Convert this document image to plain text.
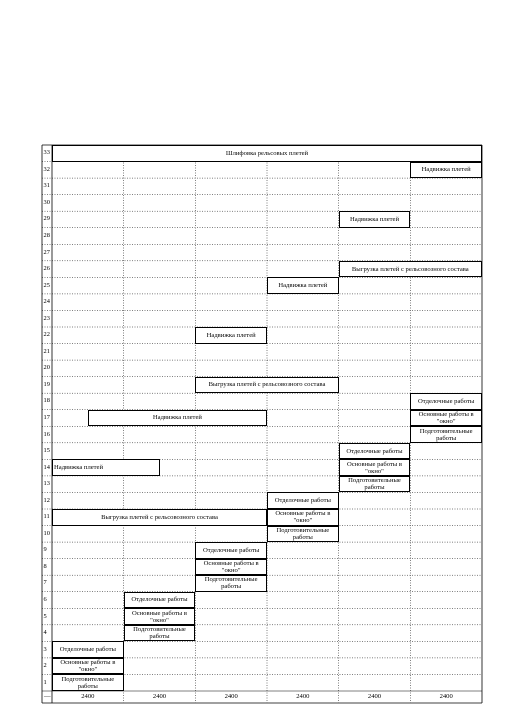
1
2
3
4
5
6
7
8
9
10
11
12
13
14
15
16
17
18
19
20
21
22
23
24
25
26
27
28
29
30
31
32
33
—	2400	2400	2400	2400	2400	2400
Шлифовка рельсовых плетей
Надвижка плетей
Надвижка плетей
Выгрузка плетей с рельсовозного состава
Надвижка плетей
Надвижка плетей
Выгрузка плетей с рельсовозного состава
Отделочные работы
Надвижка плетей	Основные работы в "окно"
Подготовительные работы
Отделочные работы
Надвижка плетей	Основные работы в "окно"
Подготовительные работы
Отделочные работы
Выгрузка плетей с рельсовозного состава	Основные работы в "окно"
Подготовительные работы
Отделочные работы
Основные работы в "окно"
Подготовительные работы
Отделочные работы
Основные работы в "окно"
Подготовительные работы
Отделочные работы
Основные работы в "окно"
Подготовительные работы
